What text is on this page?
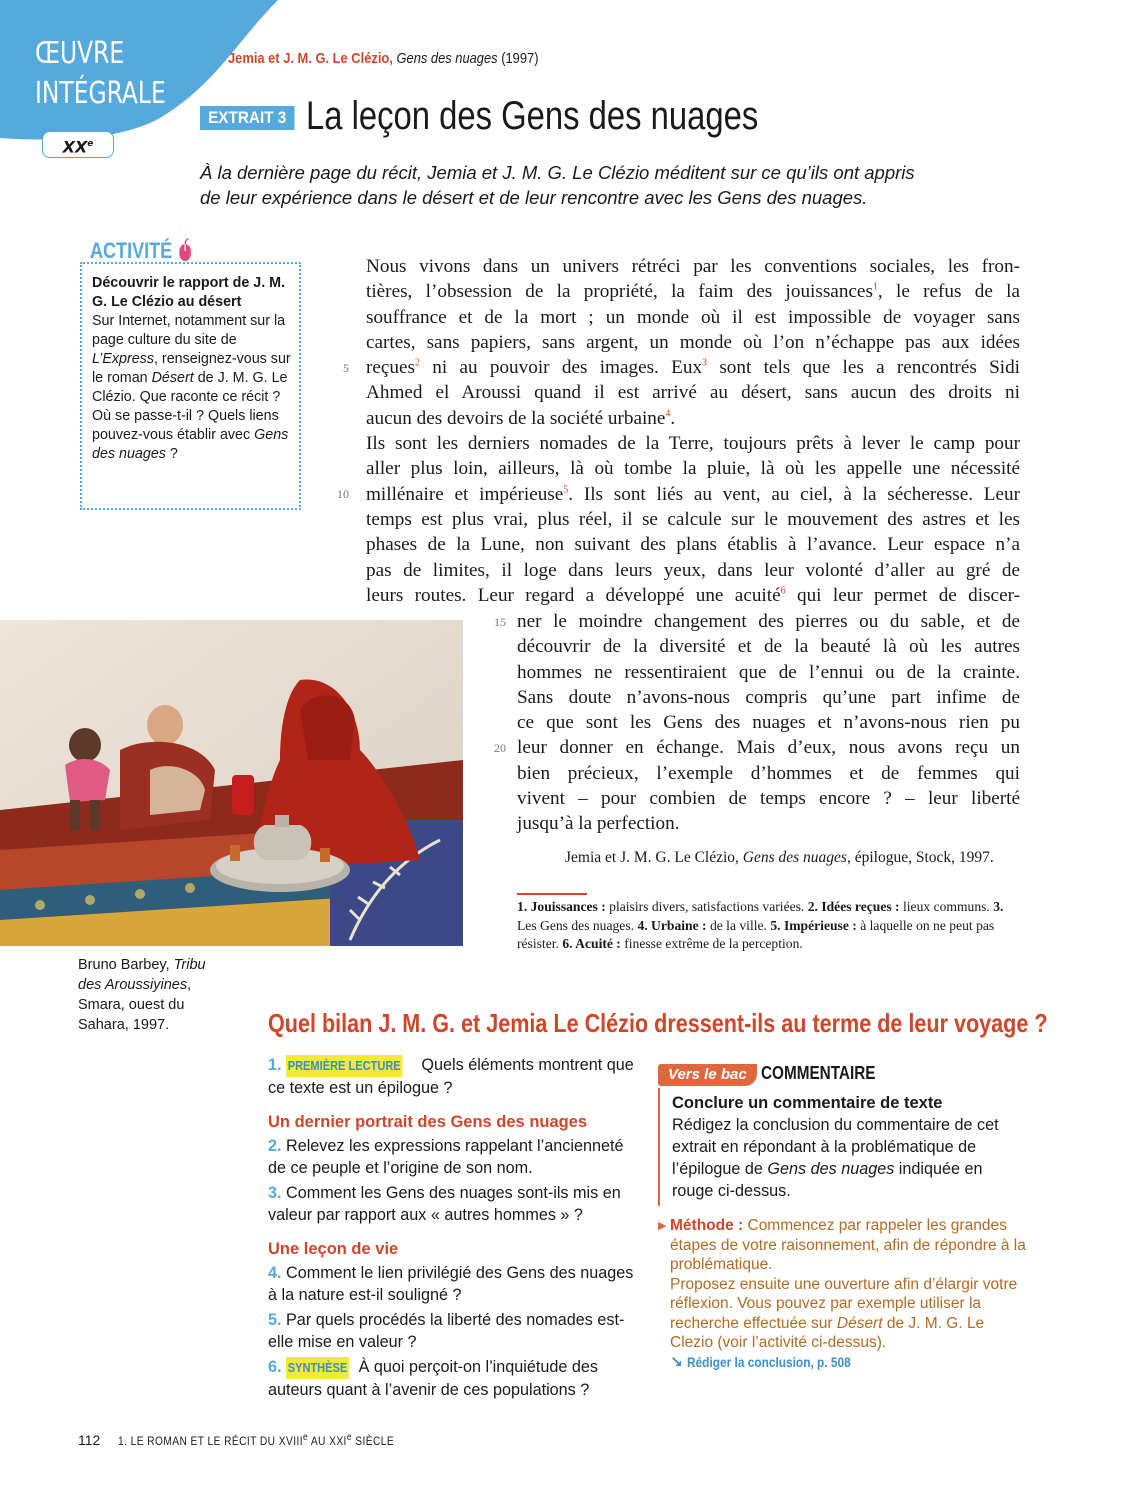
ŒUVRE
INTÉGRALE
XXe
Jemia et J. M. G. Le Clézio, Gens des nuages (1997)
EXTRAIT 3 La leçon des Gens des nuages
À la dernière page du récit, Jemia et J. M. G. Le Clézio méditent sur ce qu’ils ont appris de leur expérience dans le désert et de leur rencontre avec les Gens des nuages.
ACTIVITÉ
Découvrir le rapport de J. M. G. Le Clézio au désert
Sur Internet, notamment sur la page culture du site de L’Express, renseignez-vous sur le roman Désert de J. M. G. Le Clézio. Que raconte ce récit ? Où se passe-t-il ? Quels liens pouvez-vous établir avec Gens des nuages ?
Nous vivons dans un univers rétréci par les conventions sociales, les fron-
tières, l’obsession de la propriété, la faim des jouissances$^1$, le refus de la
souffrance et de la mort ; un monde où il est impossible de voyager sans
cartes, sans papiers, sans argent, un monde où l’on n’échappe pas aux idées
reçues$^2$ ni au pouvoir des images. Eux$^3$ sont tels que les a rencontrés Sidi
Ahmed el Aroussi quand il est arrivé au désert, sans aucun des droits ni
aucun des devoirs de la société urbaine$^4$.
Ils sont les derniers nomades de la Terre, toujours prêts à lever le camp pour
aller plus loin, ailleurs, là où tombe la pluie, là où les appelle une nécessité
millénaire et impérieuse$^5$. Ils sont liés au vent, au ciel, à la sécheresse. Leur
temps est plus vrai, plus réel, il se calcule sur le mouvement des astres et les
phases de la Lune, non suivant des plans établis à l’avance. Leur espace n’a
pas de limites, il loge dans leurs yeux, dans leur volonté d’aller au gré de
leurs routes. Leur regard a développé une acuité$^6$ qui leur permet de discer-
ner le moindre changement des pierres ou du sable, et de
découvrir de la diversité et de la beauté là où les autres
hommes ne ressentiraient que de l’ennui ou de la crainte.
Sans doute n’avons-nous compris qu’une part infime de
ce que sont les Gens des nuages et n’avons-nous rien pu
leur donner en échange. Mais d’eux, nous avons reçu un
bien précieux, l’exemple d’hommes et de femmes qui
vivent – pour combien de temps encore ? – leur liberté
jusqu’à la perfection.
5
10
15
20
Jemia et J. M. G. Le Clézio, Gens des nuages, épilogue, Stock, 1997.
1. Jouissances : plaisirs divers, satisfactions variées. 2. Idées reçues : lieux communs. 3. Les Gens des nuages. 4. Urbaine : de la ville. 5. Impérieuse : à laquelle on ne peut pas résister. 6. Acuité : finesse extrême de la perception.
Bruno Barbey, Tribu
des Aroussiyines,
Smara, ouest du
Sahara, 1997.	Quel bilan J. M. G. et Jemia Le Clézio dressent-ils au terme de leur voyage ?
1. PREMIÈRE LECTURE Quels éléments montrent que ce texte est un épilogue ?
Un dernier portrait des Gens des nuages
2. Relevez les expressions rappelant l’ancienneté de ce peuple et l’origine de son nom.
3. Comment les Gens des nuages sont-ils mis en valeur par rapport aux « autres hommes » ?
Une leçon de vie
4. Comment le lien privilégié des Gens des nuages à la nature est-il souligné ?
5. Par quels procédés la liberté des nomades est-elle mise en valeur ?
6. SYNTHÈSE À quoi perçoit-on l’inquiétude des auteurs quant à l’avenir de ces populations ?
Vers le bac COMMENTAIRE
Conclure un commentaire de texte
Rédigez la conclusion du commentaire de cet extrait en répondant à la problématique de l’épilogue de Gens des nuages indiquée en rouge ci-dessus.
▶ Méthode : Commencez par rappeler les grandes étapes de votre raisonnement, afin de répondre à la problématique.
Proposez ensuite une ouverture afin d’élargir votre réflexion. Vous pouvez par exemple utiliser la recherche effectuée sur Désert de J. M. G. Le Clezio (voir l’activité ci-dessus).
↘ Rédiger la conclusion, p. 508
112 1. LE ROMAN ET LE RÉCIT DU XVIIIe AU XXIe SIÈCLE
